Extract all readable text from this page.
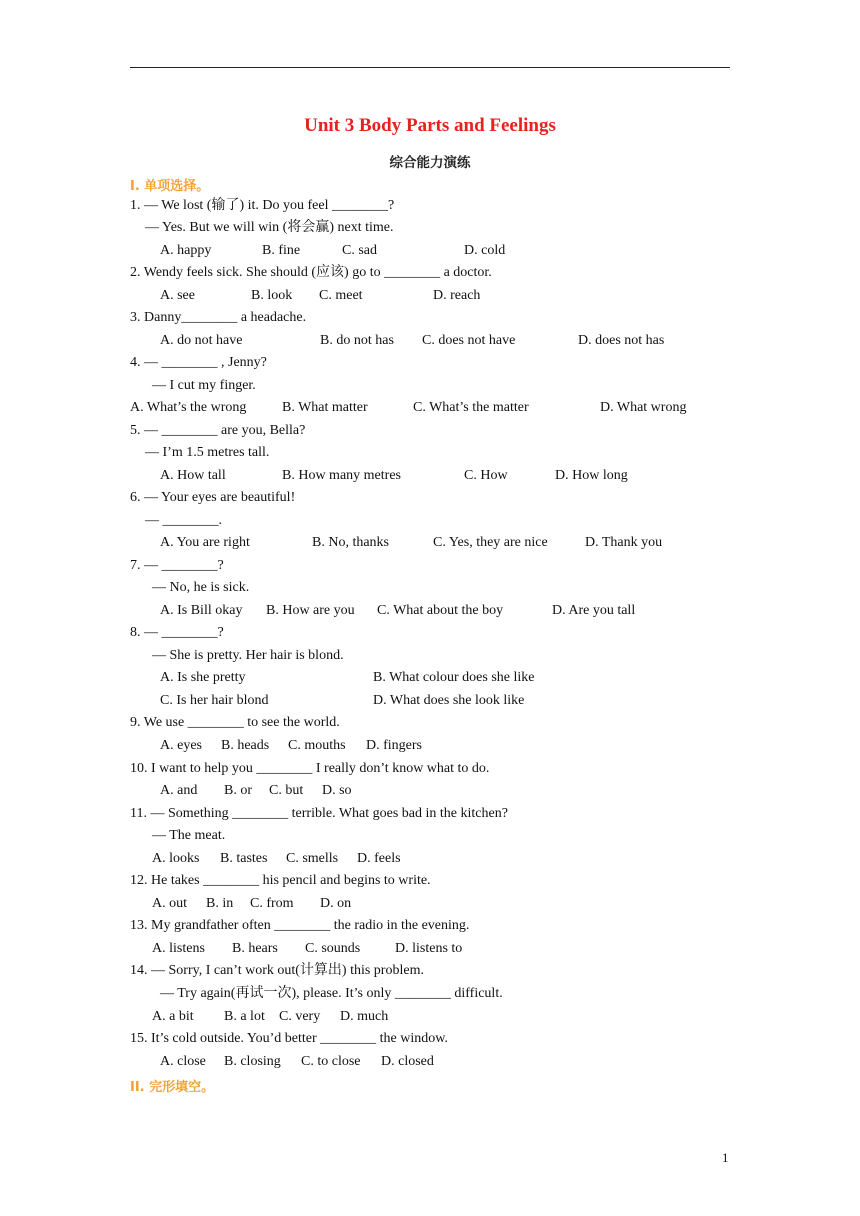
Unit 3 Body Parts and Feelings
综合能力演练
I. 单项选择。
1. — We lost (输了) it. Do you feel ________?
— Yes. But we will win (将会赢) next time.
A. happy	B. fine	C. sad	D. cold
2. Wendy feels sick. She should (应该) go to ________ a doctor.
A. see	B. look C. meet	D. reach
3. Danny________ a headache.
A. do not have	B. do not has C. does not have	D. does not has
4. — ________ , Jenny?
— I cut my finger.
A. What’s the wrong	B. What matter	C. What’s the matter	D. What wrong
5. — ________ are you, Bella?
— I’m 1.5 metres tall.
A. How tall	B. How many metres	C. How	D. How long
6. — Your eyes are beautiful!
— ________.
A. You are right	B. No, thanks	C. Yes, they are nice	D. Thank you
7. — ________?
— No, he is sick.
A. Is Bill okay B. How are you C. What about the boy	D. Are you tall
8. — ________?
— She is pretty. Her hair is blond.
A. Is she pretty	B. What colour does she like
C. Is her hair blond	D. What does she look like
9. We use ________ to see the world.
A. eyes B. heads C. mouths D. fingers
10. I want to help you ________ I really don’t know what to do.
A. and B. or C. but D. so
11. — Something ________ terrible. What goes bad in the kitchen?
— The meat.
A. looks B. tastes C. smells D. feels
12. He takes ________ his pencil and begins to write.
A. out B. in C. from D. on
13. My grandfather often ________ the radio in the evening.
A. listens B. hears C. sounds D. listens to
14. — Sorry, I can’t work out(计算出) this problem.
— Try again(再试一次), please. It’s only ________ difficult.
A. a bit B. a lot C. very D. much
15. It’s cold outside. You’d better ________ the window.
A. close B. closing C. to close D. closed
II. 完形填空。
1
